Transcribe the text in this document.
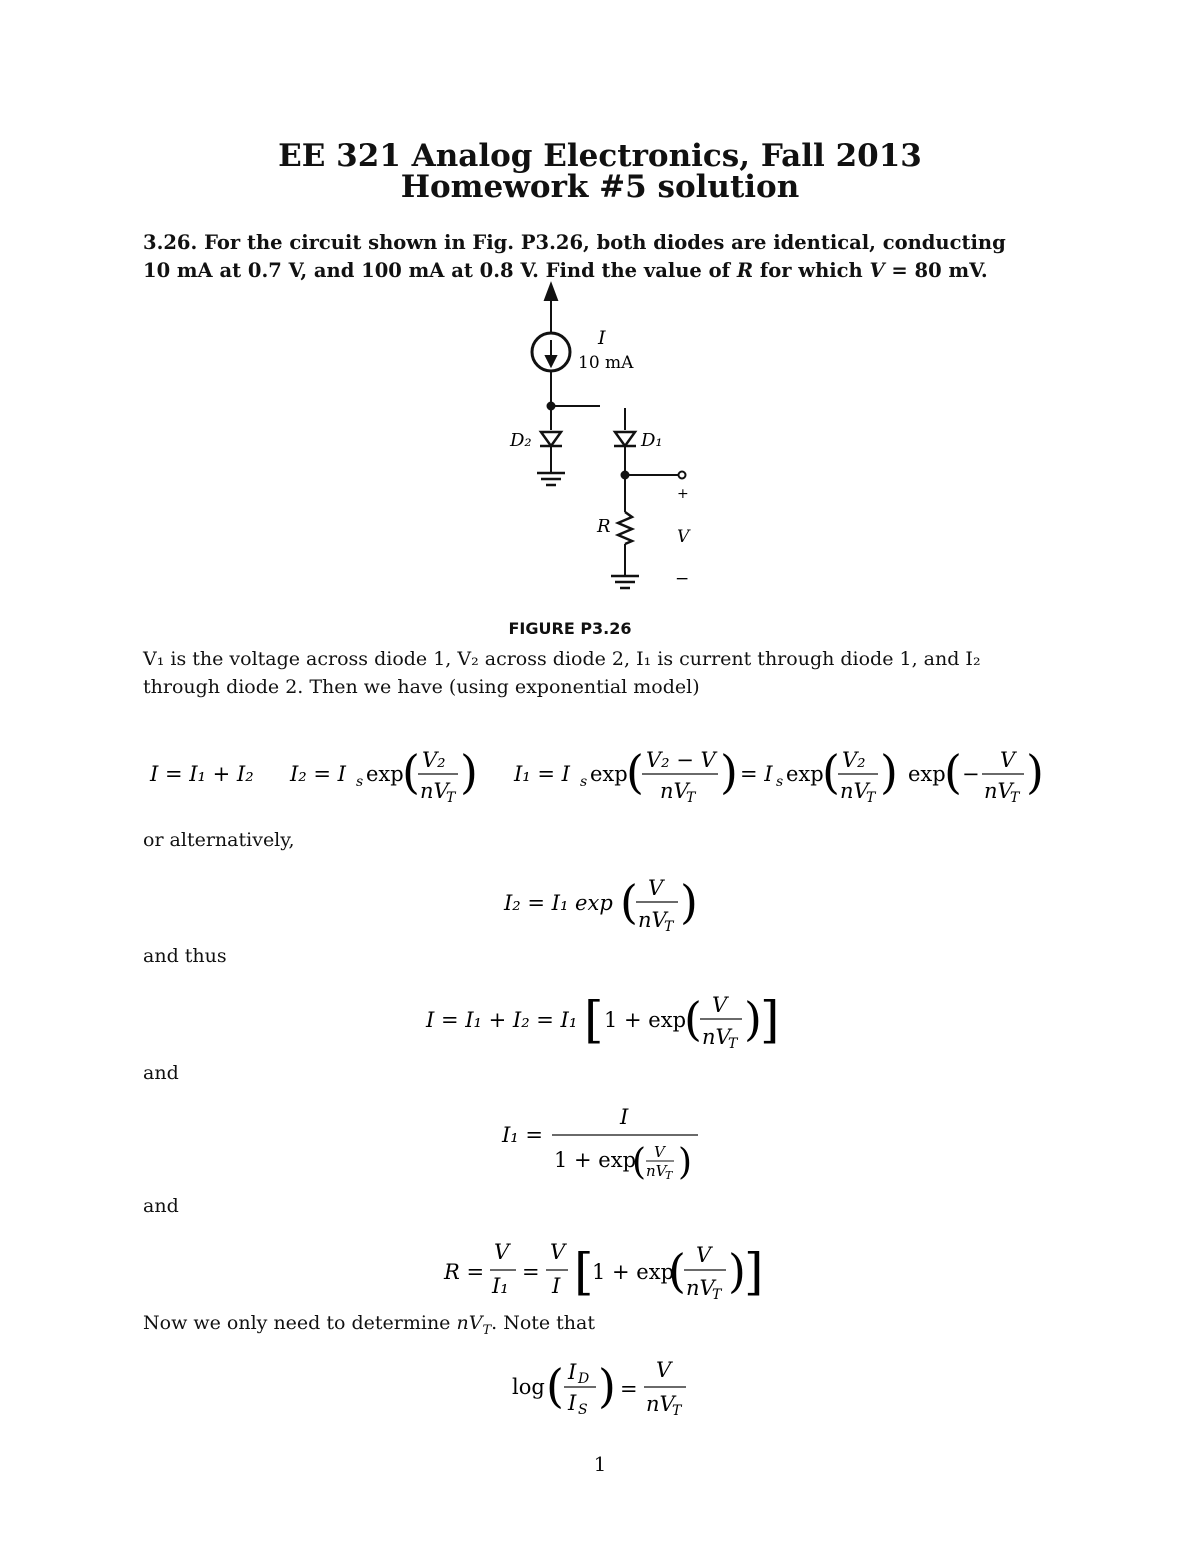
EE 321 Analog Electronics, Fall 2013
Homework #5 solution
3.26. For the circuit shown in Fig. P3.26, both diodes are identical, conducting
10 mA at 0.7 V, and 100 mA at 0.8 V. Find the value of R for which V = 80 mV.
I
10 mA
D₂	D₁
R
+
V
−
FIGURE P3.26
V₁ is the voltage across diode 1, V₂ across diode 2, I₁ is current through diode 1, and I₂
through diode 2. Then we have (using exponential model)
I = I₁ + I₂ I₂ = I s exp
( V₂
nV
T ) I₁ = I s exp
( V₂ − V
nV
T ) = I s exp
( V₂
nV
T ) exp
( −
V
nV
T )
or alternatively,
I₂ = I₁ exp ( V
nV
T )
and thus
I = I₁ + I₂ = I₁ [ 1 + exp
( V
nV
T )
]
and
I₁ =
I
1 + exp
( V
nV
T )
and
R =
V
I₁
=
V
I [
1 + exp
( V
nV
T )
]
Now we only need to determine $nV_T$. Note that
log ( I D
I S ) =
V
nV
T
1
